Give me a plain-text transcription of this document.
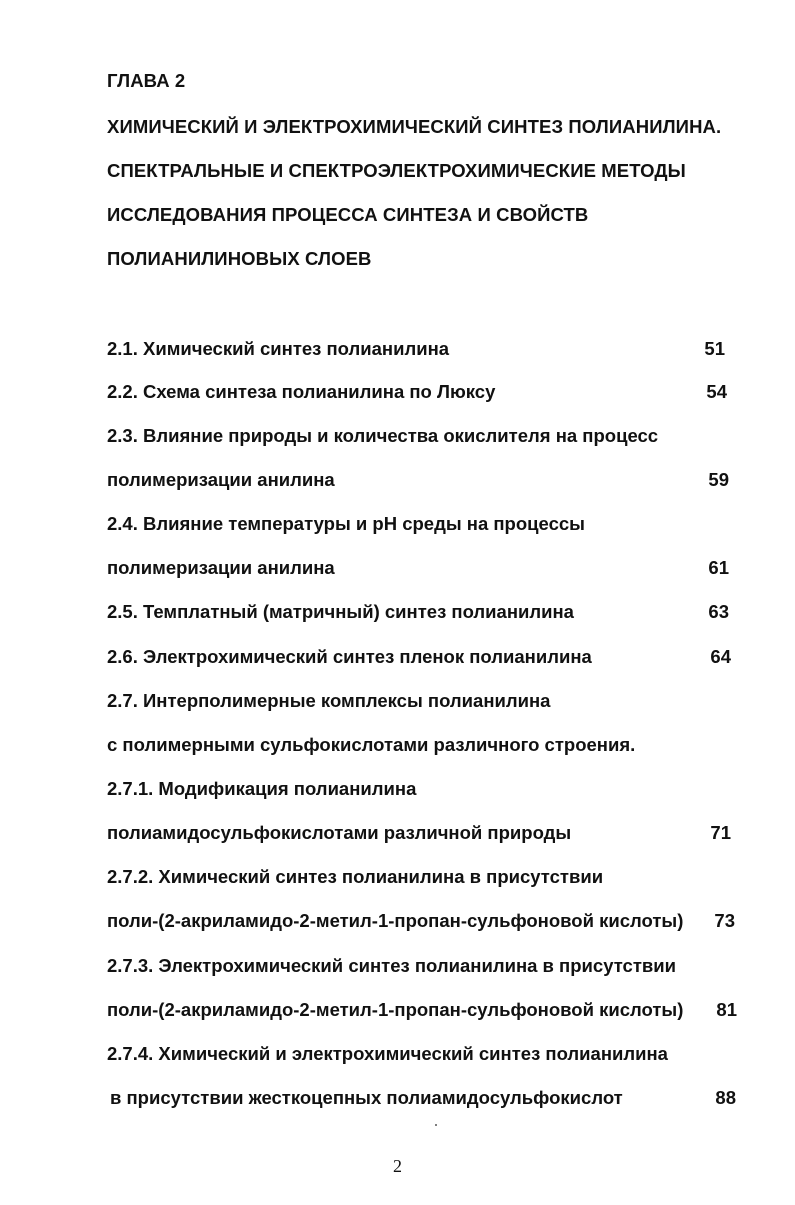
ГЛАВА 2
ХИМИЧЕСКИЙ И ЭЛЕКТРОХИМИЧЕСКИЙ СИНТЕЗ ПОЛИАНИЛИНА.
СПЕКТРАЛЬНЫЕ И СПЕКТРОЭЛЕКТРОХИМИЧЕСКИЕ МЕТОДЫ
ИССЛЕДОВАНИЯ ПРОЦЕССА СИНТЕЗА И СВОЙСТВ
ПОЛИАНИЛИНОВЫХ СЛОЕВ
2.1. Химический синтез полианилина	51
2.2. Схема синтеза полианилина по Люксу	54
2.3. Влияние природы и количества окислителя на процесс
полимеризации анилина	59
2.4. Влияние температуры и pH среды на процессы
полимеризации анилина	61
2.5. Темплатный (матричный) синтез полианилина	63
2.6. Электрохимический синтез пленок полианилина	64
2.7. Интерполимерные комплексы полианилина
с полимерными сульфокислотами различного строения.
2.7.1. Модификация полианилина
полиамидосульфокислотами различной природы	71
2.7.2. Химический синтез полианилина в присутствии
поли-(2-акриламидо-2-метил-1-пропан-сульфоновой кислоты)	73
2.7.3. Электрохимический синтез полианилина в присутствии
поли-(2-акриламидо-2-метил-1-пропан-сульфоновой кислоты)	81
2.7.4. Химический и электрохимический синтез полианилина
в присутствии жесткоцепных полиамидосульфокислот	88
2
